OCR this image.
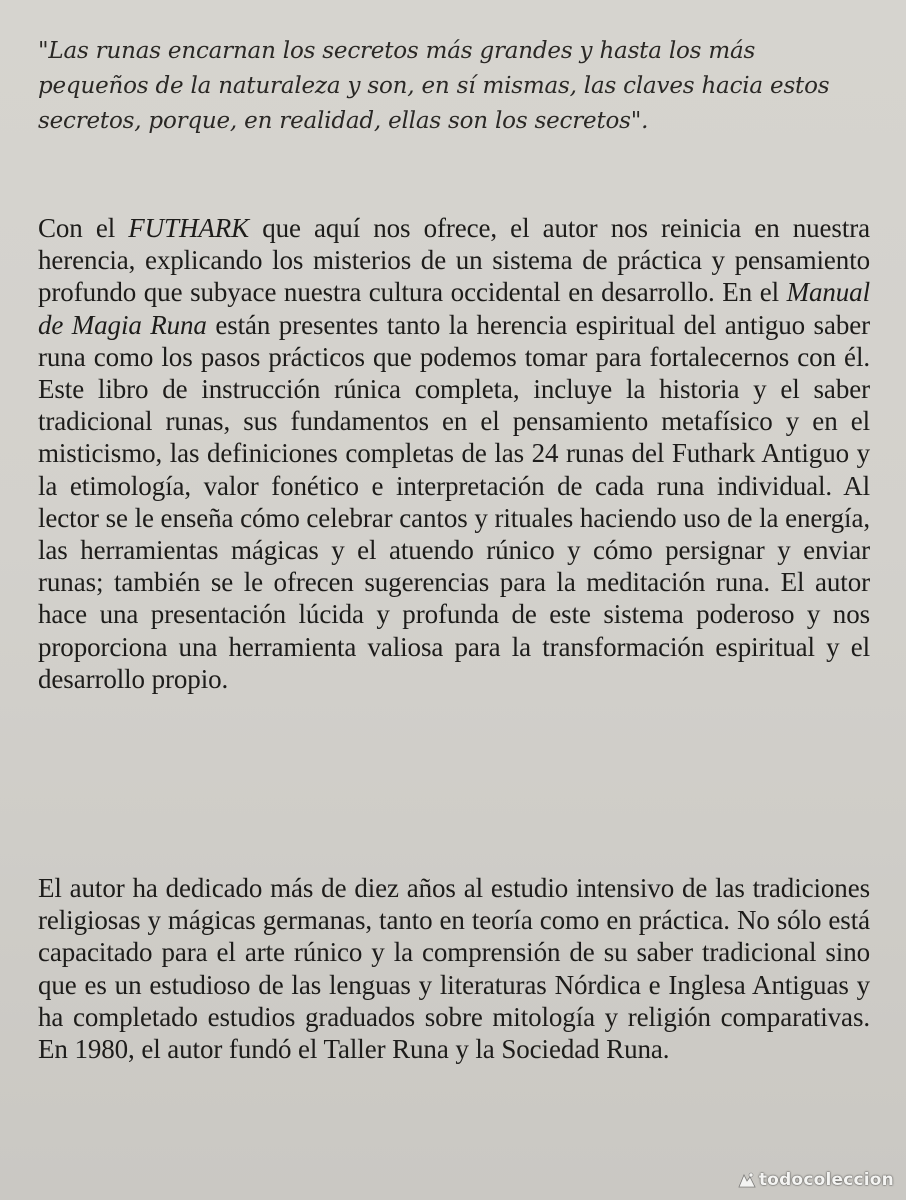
"Las runas encarnan los secretos más grandes y hasta los más pequeños de la naturaleza y son, en sí mismas, las claves hacia estos secretos, porque, en realidad, ellas son los secretos".

Con el FUTHARK que aquí nos ofrece, el autor nos reinicia en nuestra herencia, explicando los misterios de un sistema de práctica y pensamiento profundo que subyace nuestra cultura occidental en desarrollo. En el Manual de Magia Runa están presentes tanto la herencia espiritual del antiguo saber runa como los pasos prácticos que podemos tomar para fortalecernos con él. Este libro de instrucción rúnica completa, incluye la historia y el saber tradicional runas, sus fundamentos en el pensamiento metafísico y en el misticismo, las definiciones completas de las 24 runas del Futhark Antiguo y la etimología, valor fonético e interpretación de cada runa individual. Al lector se le enseña cómo celebrar cantos y rituales haciendo uso de la energía, las herramientas mágicas y el atuendo rúnico y cómo persignar y enviar runas; también se le ofrecen sugerencias para la meditación runa. El autor hace una presentación lúcida y profunda de este sistema poderoso y nos proporciona una herramienta valiosa para la transformación espiritual y el desarrollo propio.

El autor ha dedicado más de diez años al estudio intensivo de las tradiciones religiosas y mágicas germanas, tanto en teoría como en práctica. No sólo está capacitado para el arte rúnico y la comprensión de su saber tradicional sino que es un estudioso de las lenguas y literaturas Nórdica e Inglesa Antiguas y ha completado estudios graduados sobre mitología y religión comparativas. En 1980, el autor fundó el Taller Runa y la Sociedad Runa.

todocoleccion
